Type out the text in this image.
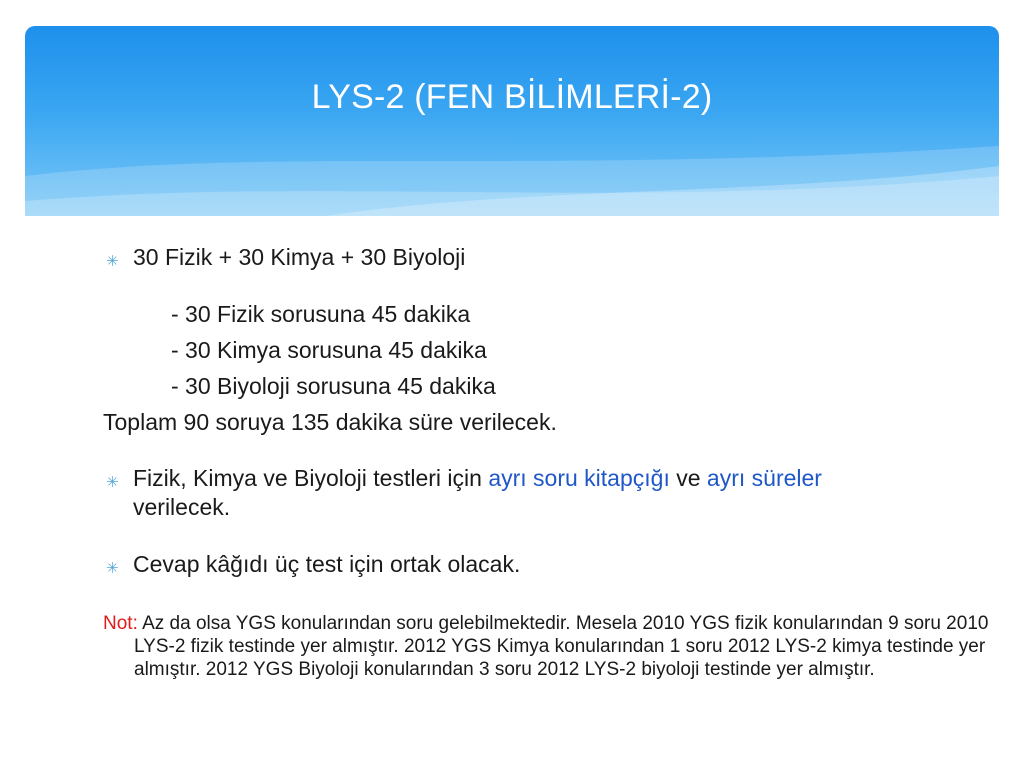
LYS-2 (FEN BİLİMLERİ-2)
✳ 30 Fizik + 30 Kimya + 30 Biyoloji
- 30 Fizik sorusuna 45 dakika
- 30 Kimya sorusuna 45 dakika
- 30 Biyoloji sorusuna 45 dakika
Toplam 90 soruya 135 dakika süre verilecek.
✳ Fizik, Kimya ve Biyoloji testleri için ayrı soru kitapçığı ve ayrı süreler
verilecek.
✳ Cevap kâğıdı üç test için ortak olacak.
Not: Az da olsa YGS konularından soru gelebilmektedir. Mesela 2010 YGS fizik konularından 9 soru 2010 LYS-2 fizik testinde yer almıştır. 2012 YGS Kimya konularından 1 soru 2012 LYS-2 kimya testinde yer almıştır. 2012 YGS Biyoloji konularından 3 soru 2012 LYS-2 biyoloji testinde yer almıştır.
